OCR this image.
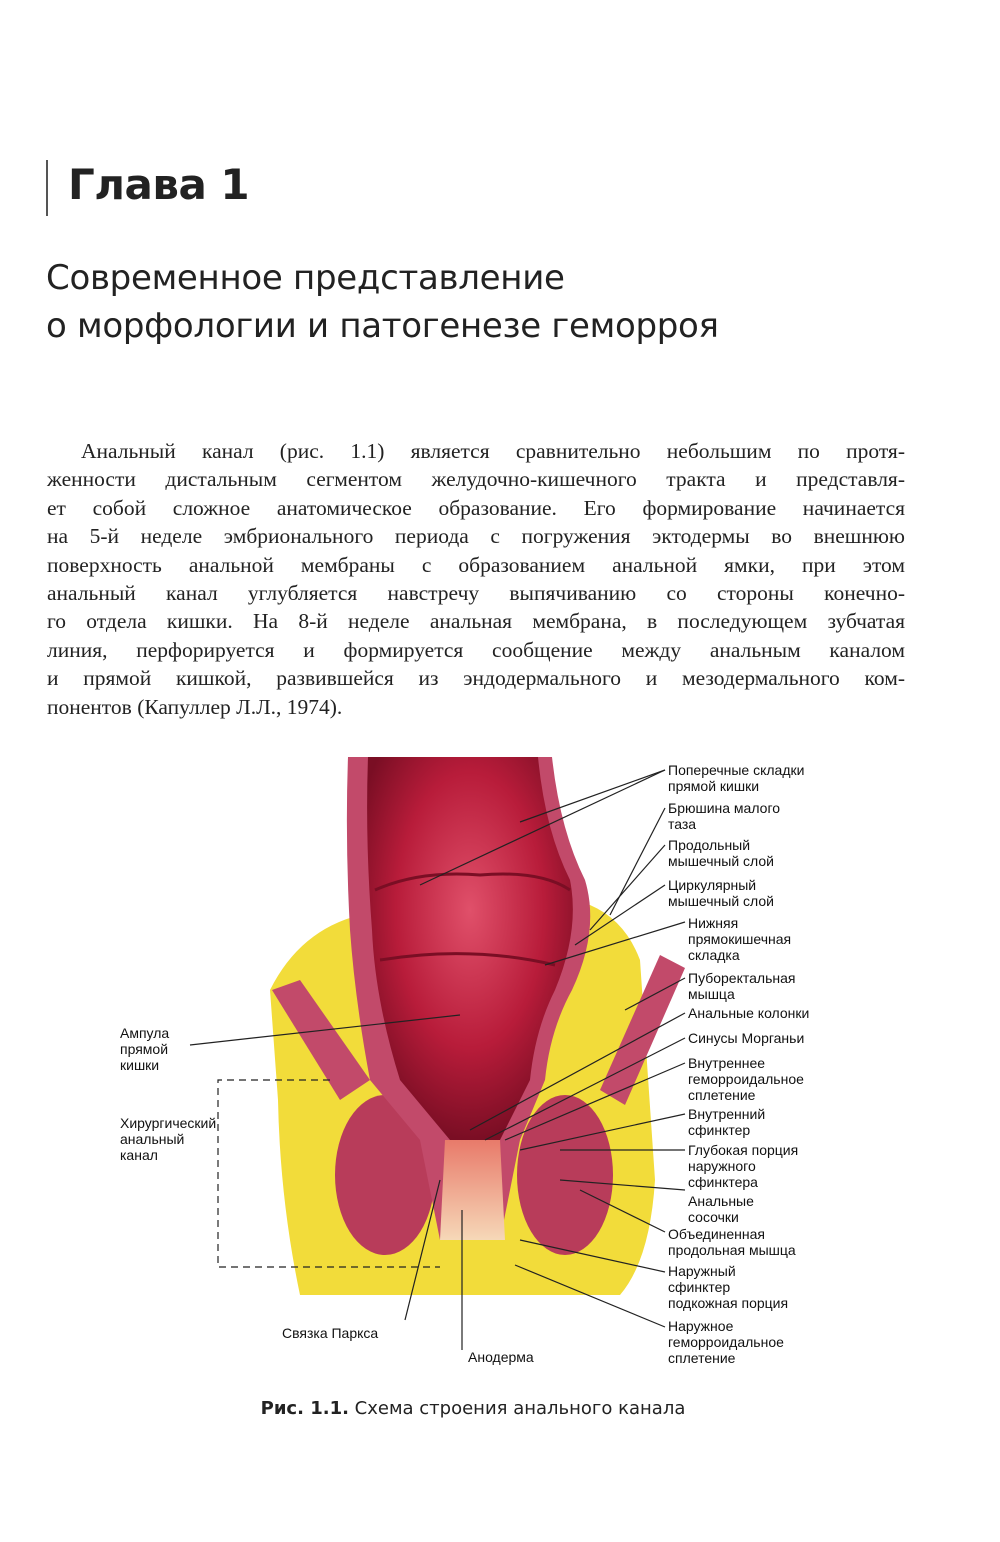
Глава 1
Современное представление
о морфологии и патогенезе геморроя
Анальный канал (рис. 1.1) является сравнительно небольшим по протя-
женности дистальным сегментом желудочно-кишечного тракта и представля-
ет собой сложное анатомическое образование. Его формирование начинается
на 5-й неделе эмбрионального периода с погружения эктодермы во внешнюю
поверхность анальной мембраны с образованием анальной ямки, при этом
анальный канал углубляется навстречу выпячиванию со стороны конечно-
го отдела кишки. На 8-й неделе анальная мембрана, в последующем зубчатая
линия, перфорируется и формируется сообщение между анальным каналом
и прямой кишкой, развившейся из эндодермального и мезодермального ком-
понентов (Капуллер Л.Л., 1974).
Поперечные складки
прямой кишки
Брюшина малого
таза
Продольный
мышечный слой
Циркулярный
мышечный слой
Нижняя
прямокишечная
складка
Пуборектальная
мышца
Анальные колонки
Синусы Морганьи
Внутреннее
геморроидальное
сплетение
Внутренний
сфинктер
Глубокая порция
наружного
сфинктера
Анальные
сосочки
Объединенная
продольная мышца
Наружный
сфинктер
подкожная порция
Наружное
геморроидальное
сплетение
Ампула
прямой
кишки
Хирургический
анальный
канал
Связка Паркса
Анодерма
Рис. 1.1. Схема строения анального канала
